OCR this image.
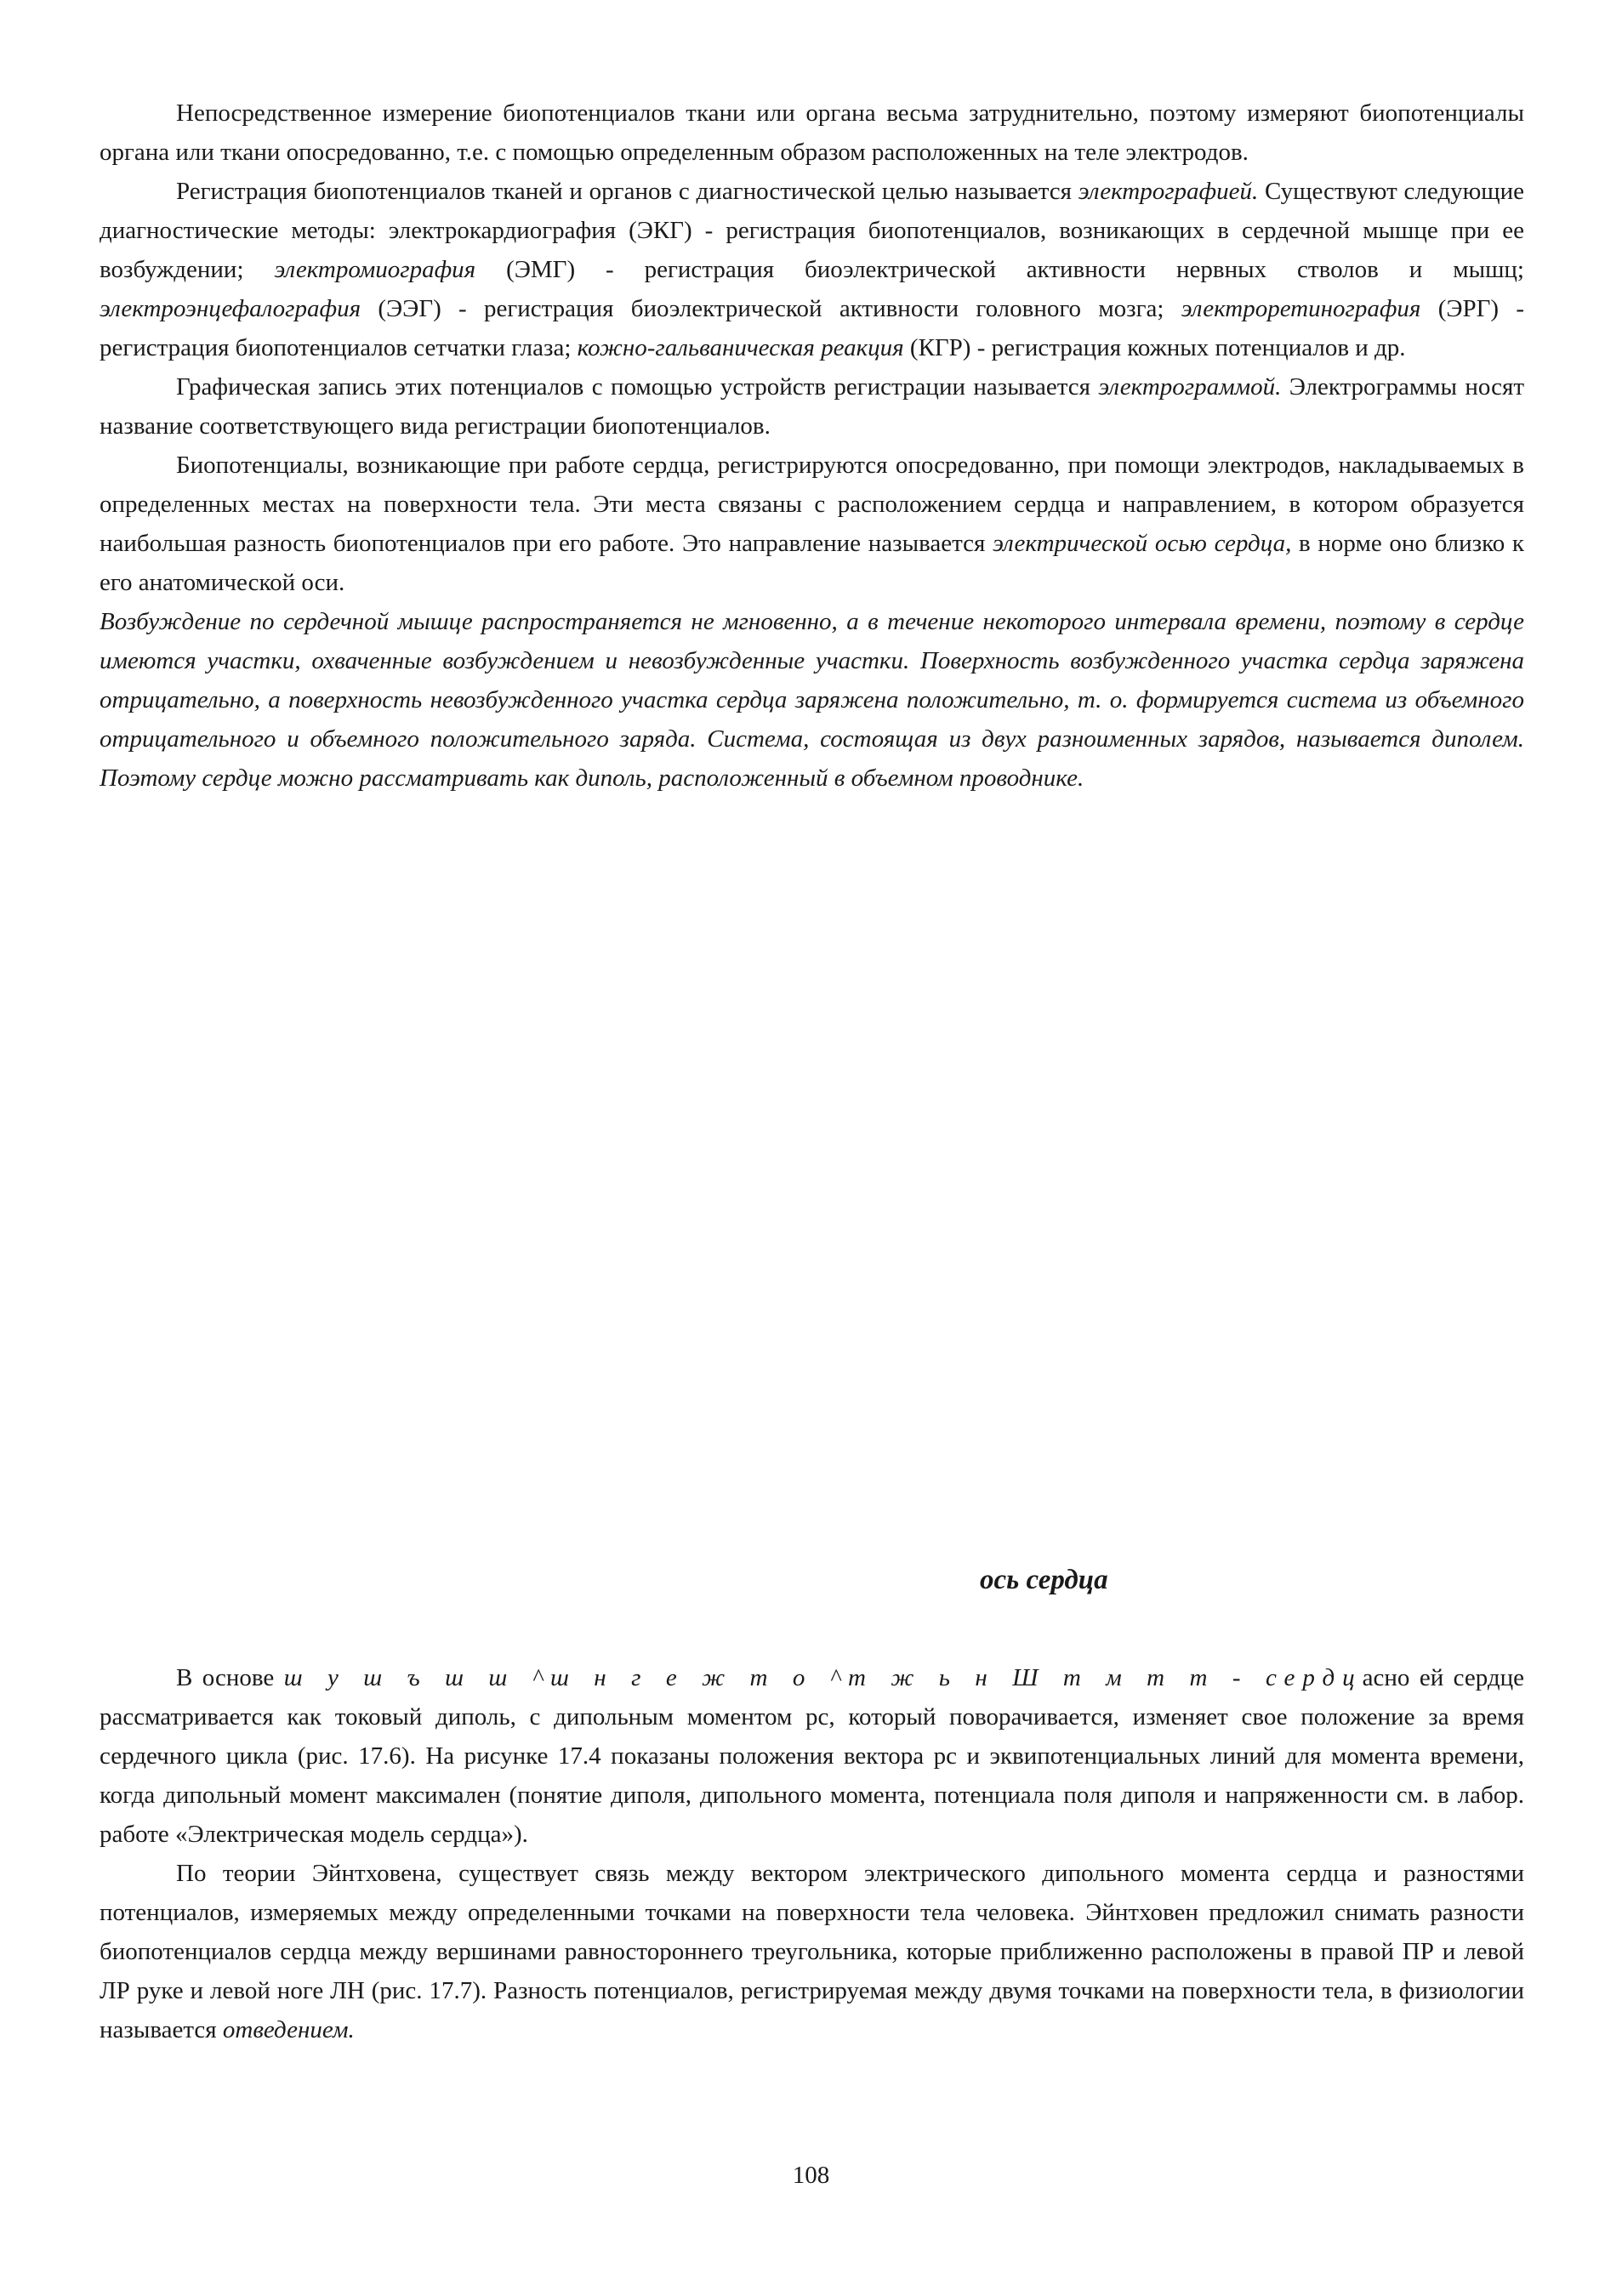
Непосредственное измерение биопотенциалов ткани или органа весьма затруднительно, поэтому измеряют биопотенциалы органа или ткани опосредованно, т.е. с помощью определенным образом расположенных на теле электродов.

Регистрация биопотенциалов тканей и органов с диагностической целью называется электрографией. Существуют следующие диагностические методы: электрокардиография (ЭКГ) - регистрация биопотенциалов, возникающих в сердечной мышце при ее возбуждении; электромиография (ЭМГ) - регистрация биоэлектрической активности нервных стволов и мышц; электроэнцефалография (ЭЭГ) - регистрация биоэлектрической активности головного мозга; электроретинография (ЭРГ) - регистрация биопотенциалов сетчатки глаза; кожно-гальваническая реакция (КГР) - регистрация кожных потенциалов и др.

Графическая запись этих потенциалов с помощью устройств регистрации называется электрограммой. Электрограммы носят название соответствующего вида регистрации биопотенциалов.

Биопотенциалы, возникающие при работе сердца, регистрируются опосредованно, при помощи электродов, накладываемых в определенных местах на поверхности тела. Эти места связаны с расположением сердца и направлением, в котором образуется наибольшая разность биопотенциалов при его работе. Это направление называется электрической осью сердца, в норме оно близко к его анатомической оси.

Возбуждение по сердечной мышце распространяется не мгновенно, а в течение некоторого интервала времени, поэтому в сердце имеются участки, охваченные возбуждением и невозбужденные участки. Поверхность возбужденного участка сердца заряжена отрицательно, а поверхность невозбужденного участка сердца заряжена положительно, т. о. формируется система из объемного отрицательного и объемного положительного заряда. Система, состоящая из двух разноименных зарядов, называется диполем. Поэтому сердце можно рассматривать как диполь, расположенный в объемном проводнике.

ось сердца

В основе ш у ш ъ ш ш ^ш н г е ж т о ^т ж ь н Ш т м т т - сердцасно ей сердце рассматривается как токовый диполь, с дипольным моментом рс, который поворачивается, изменяет свое положение за время сердечного цикла (рис. 17.6). На рисунке 17.4 показаны положения вектора рс и эквипотенциальных линий для момента времени, когда дипольный момент максимален (понятие диполя, дипольного момента, потенциала поля диполя и напряженности см. в лабор. работе «Электрическая модель сердца»).

По теории Эйнтховена, существует связь между вектором электрического дипольного момента сердца и разностями потенциалов, измеряемых между определенными точками на поверхности тела человека. Эйнтховен предложил снимать разности биопотенциалов сердца между вершинами равностороннего треугольника, которые приближенно расположены в правой ПР и левой ЛР руке и левой ноге ЛН (рис. 17.7). Разность потенциалов, регистрируемая между двумя точками на поверхности тела, в физиологии называется отведением.

108
